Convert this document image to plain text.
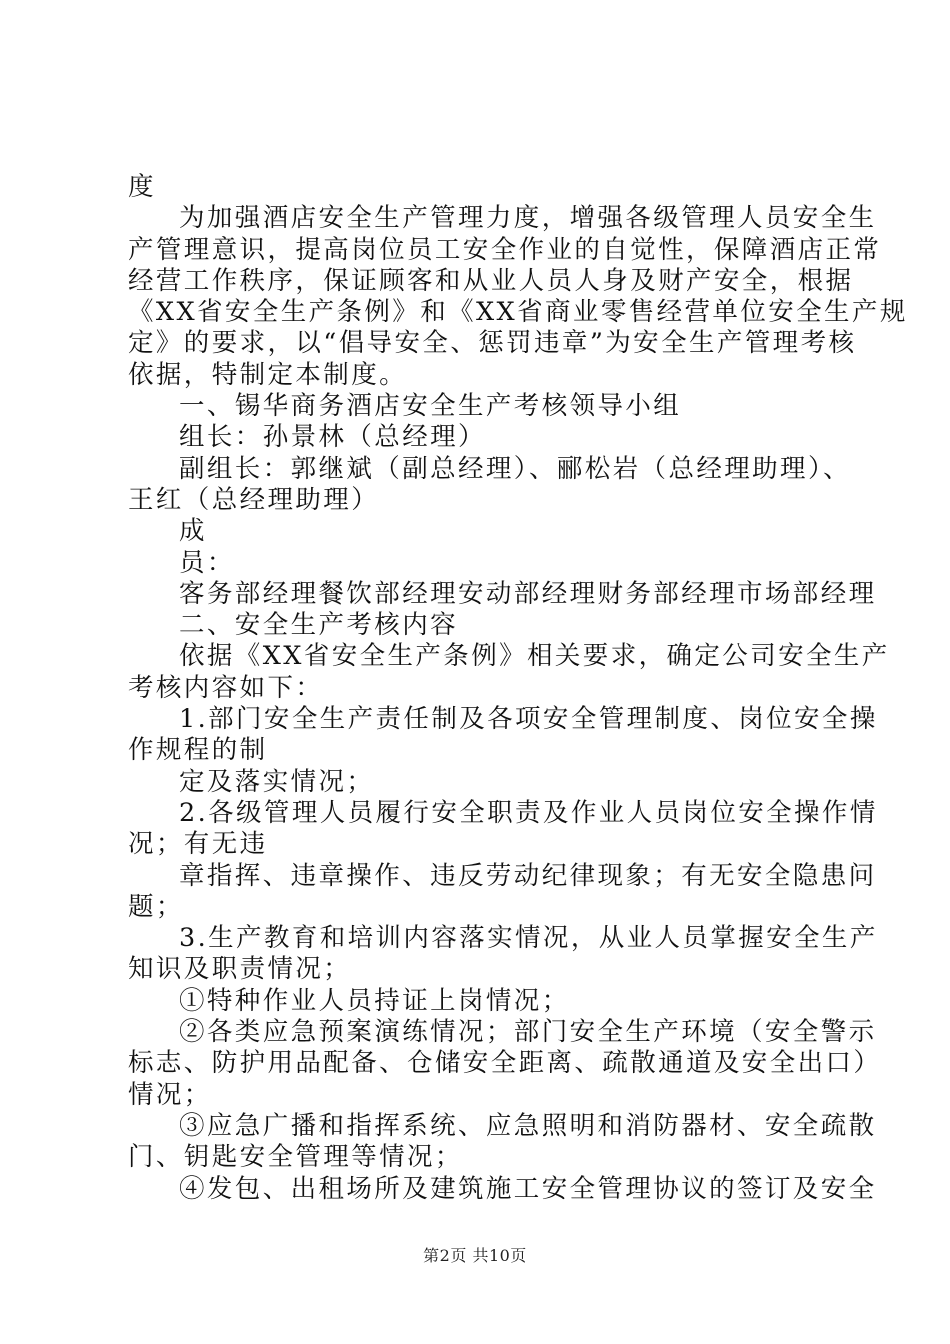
度
为加强酒店安全生产管理力度，增强各级管理人员安全生
产管理意识，提高岗位员工安全作业的自觉性，保障酒店正常
经营工作秩序，保证顾客和从业人员人身及财产安全，根据
《XX省安全生产条例》和《XX省商业零售经营单位安全生产规
定》的要求，以“倡导安全、惩罚违章”为安全生产管理考核
依据，特制定本制度。
一、锡华商务酒店安全生产考核领导小组
组长：孙景林（总经理）
副组长：郭继斌（副总经理）、郦松岩（总经理助理）、
王红（总经理助理）
成
员：
客务部经理餐饮部经理安动部经理财务部经理市场部经理
二、安全生产考核内容
依据《XX省安全生产条例》相关要求，确定公司安全生产
考核内容如下：
1.部门安全生产责任制及各项安全管理制度、岗位安全操
作规程的制
定及落实情况；
2.各级管理人员履行安全职责及作业人员岗位安全操作情
况；有无违
章指挥、违章操作、违反劳动纪律现象；有无安全隐患问
题；
3.生产教育和培训内容落实情况，从业人员掌握安全生产
知识及职责情况；
①特种作业人员持证上岗情况；
②各类应急预案演练情况；部门安全生产环境（安全警示
标志、防护用品配备、仓储安全距离、疏散通道及安全出口）
情况；
③应急广播和指挥系统、应急照明和消防器材、安全疏散
门、钥匙安全管理等情况；
④发包、出租场所及建筑施工安全管理协议的签订及安全
第2页 共10页
